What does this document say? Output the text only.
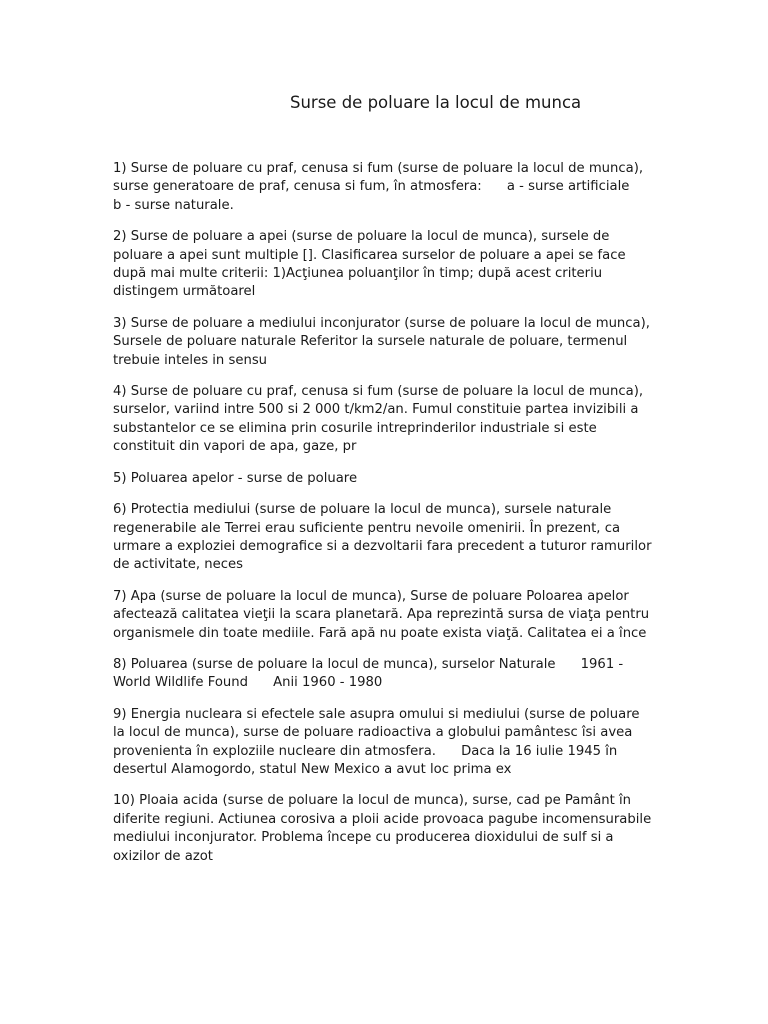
Surse de poluare la locul de munca

1) Surse de poluare cu praf, cenusa si fum (surse de poluare la locul de munca), surse generatoare de praf, cenusa si fum, în atmosfera:      a - surse artificiale      b - surse naturale.

2) Surse de poluare a apei (surse de poluare la locul de munca), sursele de poluare a apei sunt multiple []. Clasificarea surselor de poluare a apei se face după mai multe criterii: 1)Acţiunea poluanţilor în timp; după acest criteriu distingem următoarel

3) Surse de poluare a mediului inconjurator (surse de poluare la locul de munca), Sursele de poluare naturale Referitor la sursele naturale de poluare, termenul trebuie inteles in sensu

4) Surse de poluare cu praf, cenusa si fum (surse de poluare la locul de munca), surselor, variind intre 500 si 2 000 t/km2/an. Fumul constituie partea invizibili a substantelor ce se elimina prin cosurile intreprinderilor industriale si este constituit din vapori de apa, gaze, pr

5) Poluarea apelor - surse de poluare

6) Protectia mediului (surse de poluare la locul de munca), sursele naturale regenerabile ale Terrei erau suficiente pentru nevoile omenirii. În prezent, ca urmare a exploziei demografice si a dezvoltarii fara precedent a tuturor ramurilor de activitate, neces

7) Apa (surse de poluare la locul de munca), Surse de poluare Poloarea apelor afectează calitatea vieţii la scara planetară. Apa reprezintă sursa de viaţa pentru organismele din toate mediile. Fară apă nu poate exista viaţă. Calitatea ei a înce

8) Poluarea (surse de poluare la locul de munca), surselor Naturale      1961 - World Wildlife Found      Anii 1960 - 1980

9) Energia nucleara si efectele sale asupra omului si mediului (surse de poluare la locul de munca), surse de poluare radioactiva a globului pamântesc îsi avea provenienta în exploziile nucleare din atmosfera.      Daca la 16 iulie 1945 în desertul Alamogordo, statul New Mexico a avut loc prima ex

10) Ploaia acida (surse de poluare la locul de munca), surse, cad pe Pamânt în diferite regiuni. Actiunea corosiva a ploii acide provoaca pagube incomensurabile mediului inconjurator. Problema începe cu producerea dioxidului de sulf si a oxizilor de azot
